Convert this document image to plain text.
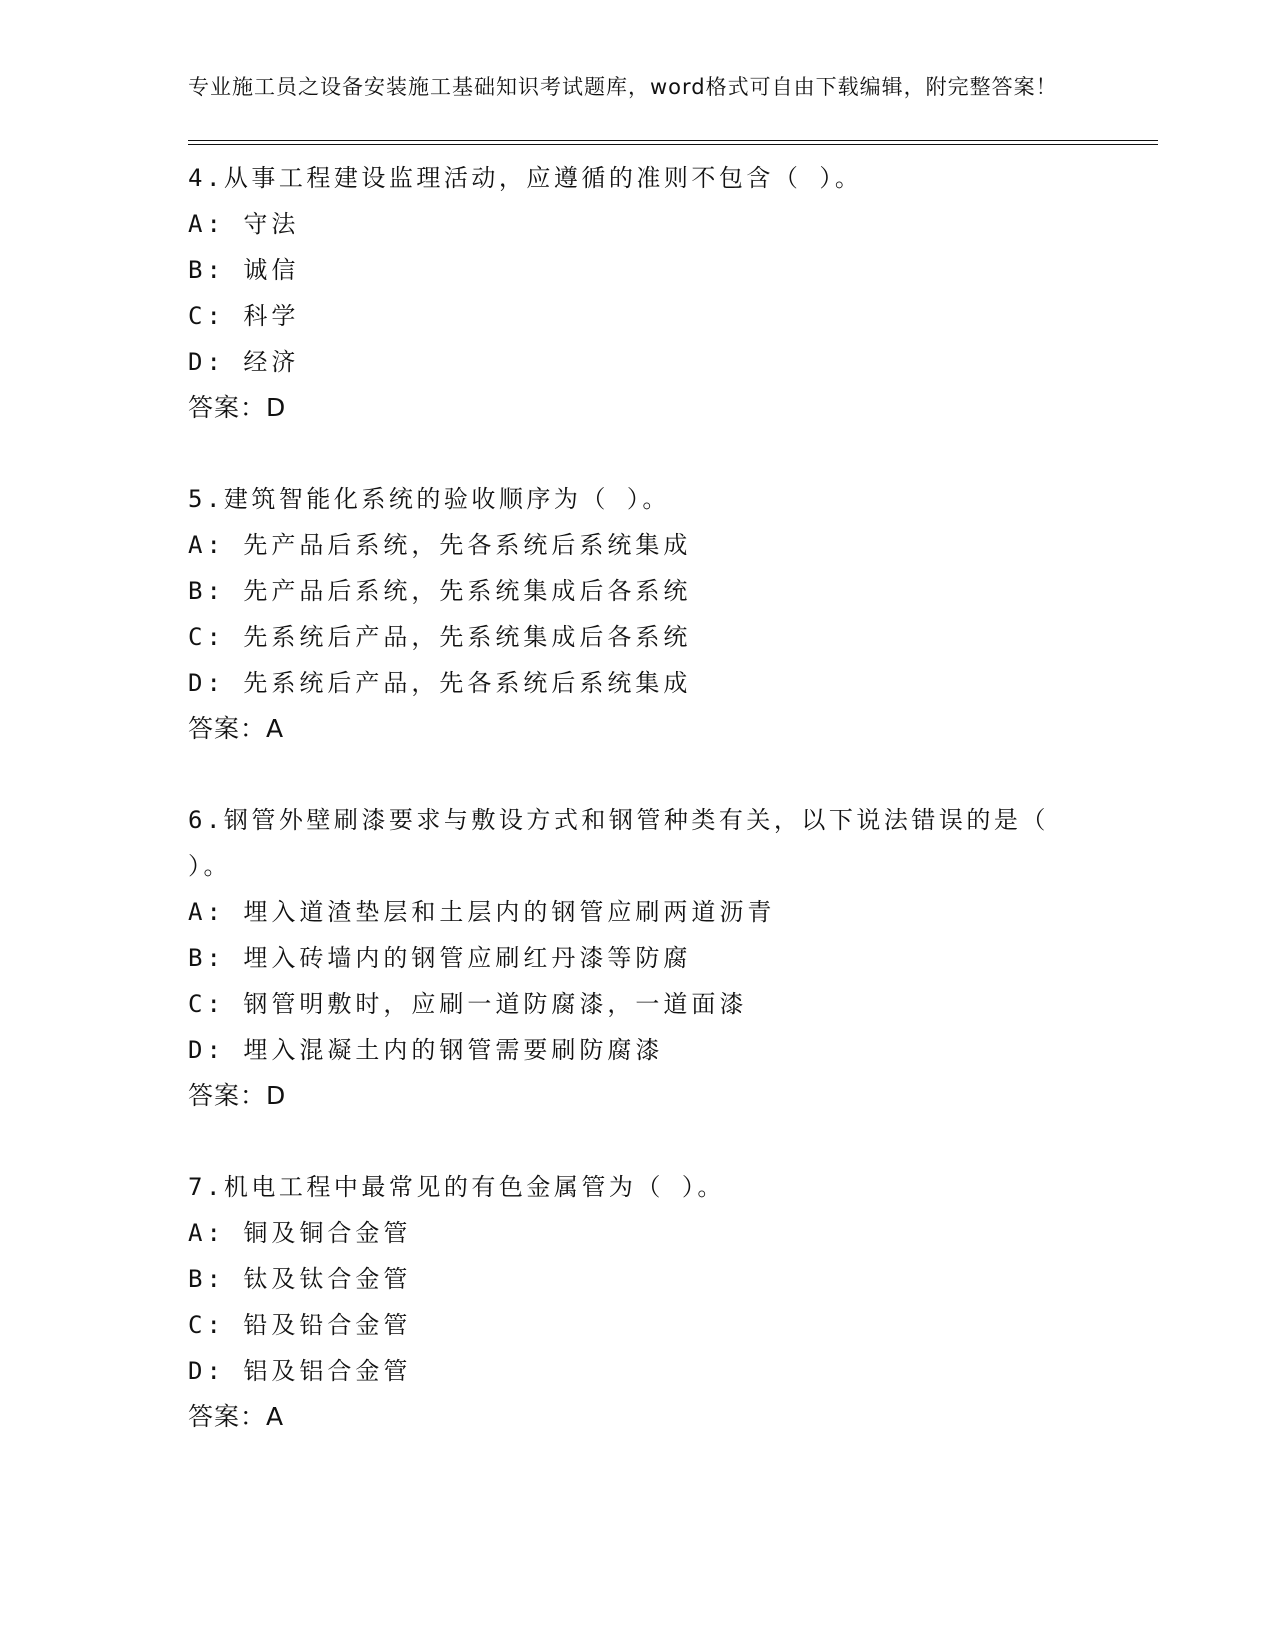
专业施工员之设备安装施工基础知识考试题库，word格式可自由下载编辑，附完整答案！

4.从事工程建设监理活动，应遵循的准则不包含（ ）。

A: 守法

B: 诚信

C: 科学

D: 经济

答案：D

5.建筑智能化系统的验收顺序为（ ）。

A: 先产品后系统，先各系统后系统集成

B: 先产品后系统，先系统集成后各系统

C: 先系统后产品，先系统集成后各系统

D: 先系统后产品，先各系统后系统集成

答案：A

6.钢管外壁刷漆要求与敷设方式和钢管种类有关，以下说法错误的是（ ）。

A: 埋入道渣垫层和土层内的钢管应刷两道沥青

B: 埋入砖墙内的钢管应刷红丹漆等防腐

C: 钢管明敷时，应刷一道防腐漆，一道面漆

D: 埋入混凝土内的钢管需要刷防腐漆

答案：D

7.机电工程中最常见的有色金属管为（ ）。

A: 铜及铜合金管

B: 钛及钛合金管

C: 铅及铅合金管

D: 铝及铝合金管

答案：A
